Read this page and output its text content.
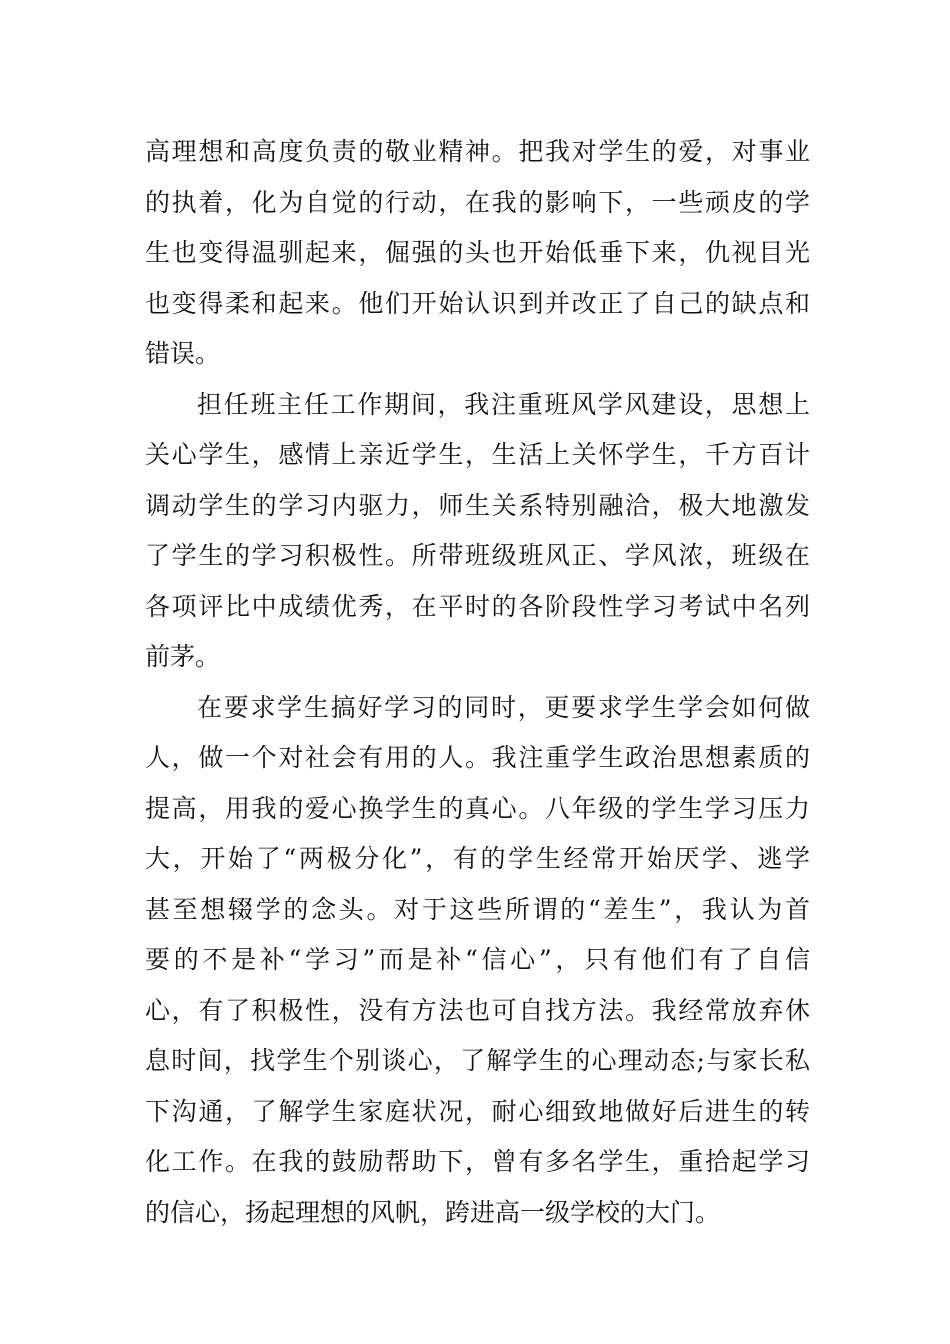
高理想和高度负责的敬业精神。把我对学生的爱，对事业
的执着，化为自觉的行动，在我的影响下，一些顽皮的学
生也变得温驯起来，倔强的头也开始低垂下来，仇视目光
也变得柔和起来。他们开始认识到并改正了自己的缺点和
错误。
担任班主任工作期间，我注重班风学风建设，思想上
关心学生，感情上亲近学生，生活上关怀学生，千方百计
调动学生的学习内驱力，师生关系特别融洽，极大地激发
了学生的学习积极性。所带班级班风正、学风浓，班级在
各项评比中成绩优秀，在平时的各阶段性学习考试中名列
前茅。
在要求学生搞好学习的同时，更要求学生学会如何做
人，做一个对社会有用的人。我注重学生政治思想素质的
提高，用我的爱心换学生的真心。八年级的学生学习压力
大，开始了“两极分化”，有的学生经常开始厌学、逃学
甚至想辍学的念头。对于这些所谓的“差生”，我认为首
要的不是补“学习”而是补“信心”，只有他们有了自信
心，有了积极性，没有方法也可自找方法。我经常放弃休
息时间，找学生个别谈心，了解学生的心理动态;与家长私
下沟通，了解学生家庭状况，耐心细致地做好后进生的转
化工作。在我的鼓励帮助下，曾有多名学生，重拾起学习
的信心，扬起理想的风帆，跨进高一级学校的大门。
